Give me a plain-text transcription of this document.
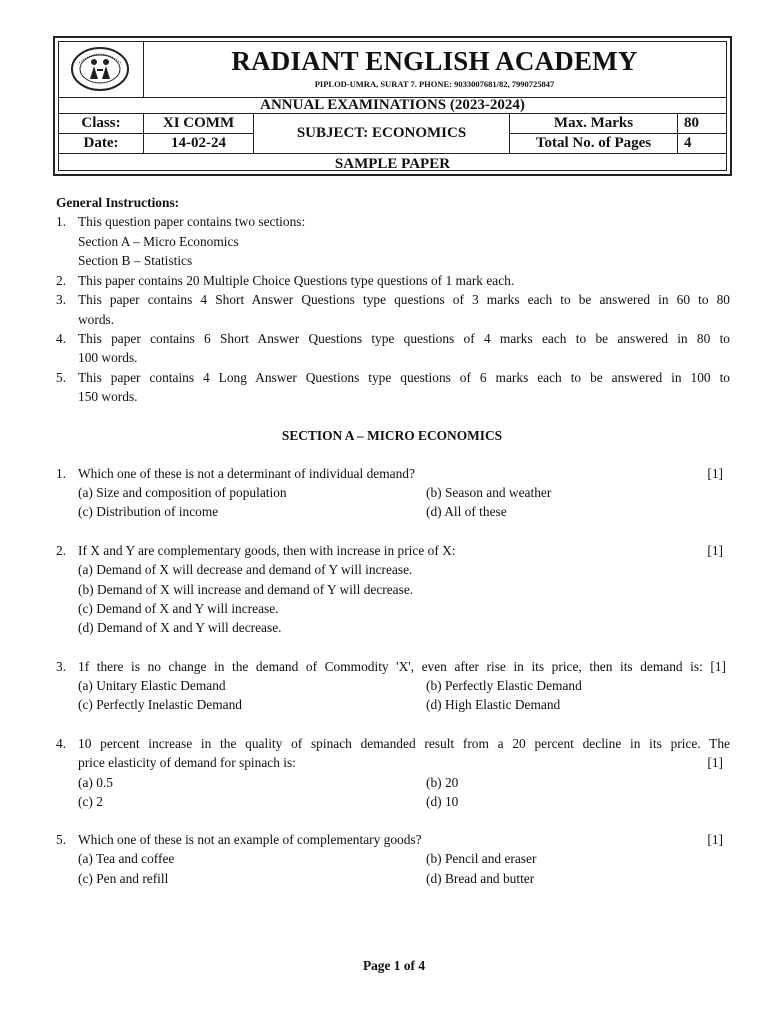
RADIANT ENGLISH ACADEMY
PIPLOD-UMRA, SURAT 7. PHONE: 9033007681/82, 7990725847
ANNUAL EXAMINATIONS (2023-2024)
Class:	XI COMM
Date:	14-02-24
SUBJECT: ECONOMICS
Max. Marks	80
Total No. of Pages	4
SAMPLE PAPER
General Instructions:
1. This question paper contains two sections:
Section A – Micro Economics
Section B – Statistics
2. This paper contains 20 Multiple Choice Questions type questions of 1 mark each.
3. This paper contains 4 Short Answer Questions type questions of 3 marks each to be answered in 60 to 80
words.
4. This paper contains 6 Short Answer Questions type questions of 4 marks each to be answered in 80 to
100 words.
5. This paper contains 4 Long Answer Questions type questions of 6 marks each to be answered in 100 to
150 words.
SECTION A – MICRO ECONOMICS
1. Which one of these is not a determinant of individual demand?	[1]
(a) Size and composition of population	(b) Season and weather
(c) Distribution of income	(d) All of these
2. If X and Y are complementary goods, then with increase in price of X:	[1]
(a) Demand of X will decrease and demand of Y will increase.
(b) Demand of X will increase and demand of Y will decrease.
(c) Demand of X and Y will increase.
(d) Demand of X and Y will decrease.
3. 1f there is no change in the demand of Commodity 'X', even after rise in its price, then its demand is: [1]
(a) Unitary Elastic Demand	(b) Perfectly Elastic Demand
(c) Perfectly Inelastic Demand	(d) High Elastic Demand
4. 10 percent increase in the quality of spinach demanded result from a 20 percent decline in its price. The
price elasticity of demand for spinach is:	[1]
(a) 0.5	(b) 20
(c) 2	(d) 10
5. Which one of these is not an example of complementary goods?	[1]
(a) Tea and coffee	(b) Pencil and eraser
(c) Pen and refill	(d) Bread and butter
Page 1 of 4
